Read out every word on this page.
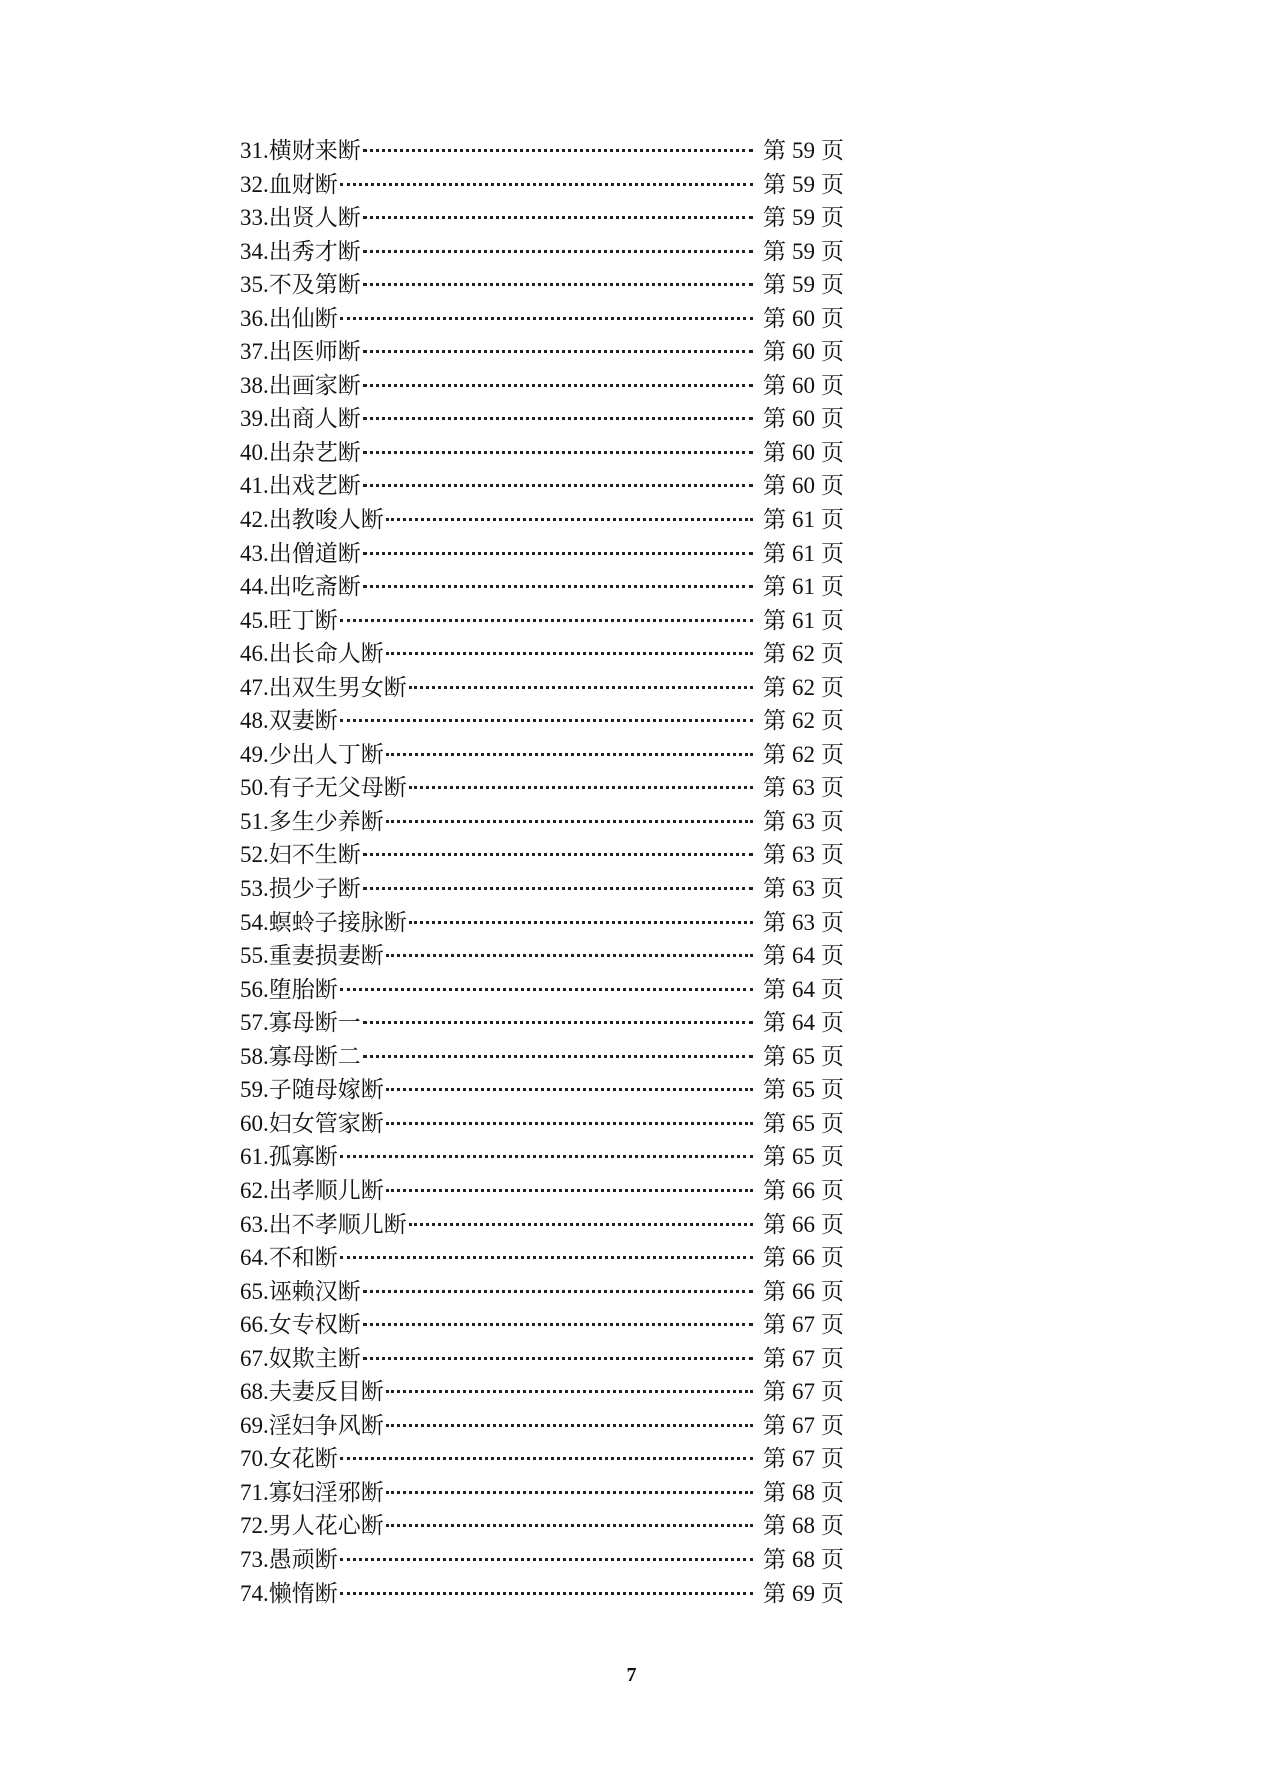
31. 横财来断	第 59 页
32. 血财断	第 59 页
33. 出贤人断	第 59 页
34. 出秀才断	第 59 页
35. 不及第断	第 59 页
36. 出仙断	第 60 页
37. 出医师断	第 60 页
38. 出画家断	第 60 页
39. 出商人断	第 60 页
40. 出杂艺断	第 60 页
41. 出戏艺断	第 60 页
42. 出教唆人断	第 61 页
43. 出僧道断	第 61 页
44. 出吃斋断	第 61 页
45. 旺丁断	第 61 页
46. 出长命人断	第 62 页
47. 出双生男女断	第 62 页
48. 双妻断	第 62 页
49. 少出人丁断	第 62 页
50. 有子无父母断	第 63 页
51. 多生少养断	第 63 页
52. 妇不生断	第 63 页
53. 损少子断	第 63 页
54. 螟蛉子接脉断	第 63 页
55. 重妻损妻断	第 64 页
56. 堕胎断	第 64 页
57. 寡母断一	第 64 页
58. 寡母断二	第 65 页
59. 子随母嫁断	第 65 页
60. 妇女管家断	第 65 页
61. 孤寡断	第 65 页
62. 出孝顺儿断	第 66 页
63. 出不孝顺儿断	第 66 页
64. 不和断	第 66 页
65. 诬赖汉断	第 66 页
66. 女专权断	第 67 页
67. 奴欺主断	第 67 页
68. 夫妻反目断	第 67 页
69. 淫妇争风断	第 67 页
70. 女花断	第 67 页
71. 寡妇淫邪断	第 68 页
72. 男人花心断	第 68 页
73. 愚顽断	第 68 页
74. 懒惰断	第 69 页
7
